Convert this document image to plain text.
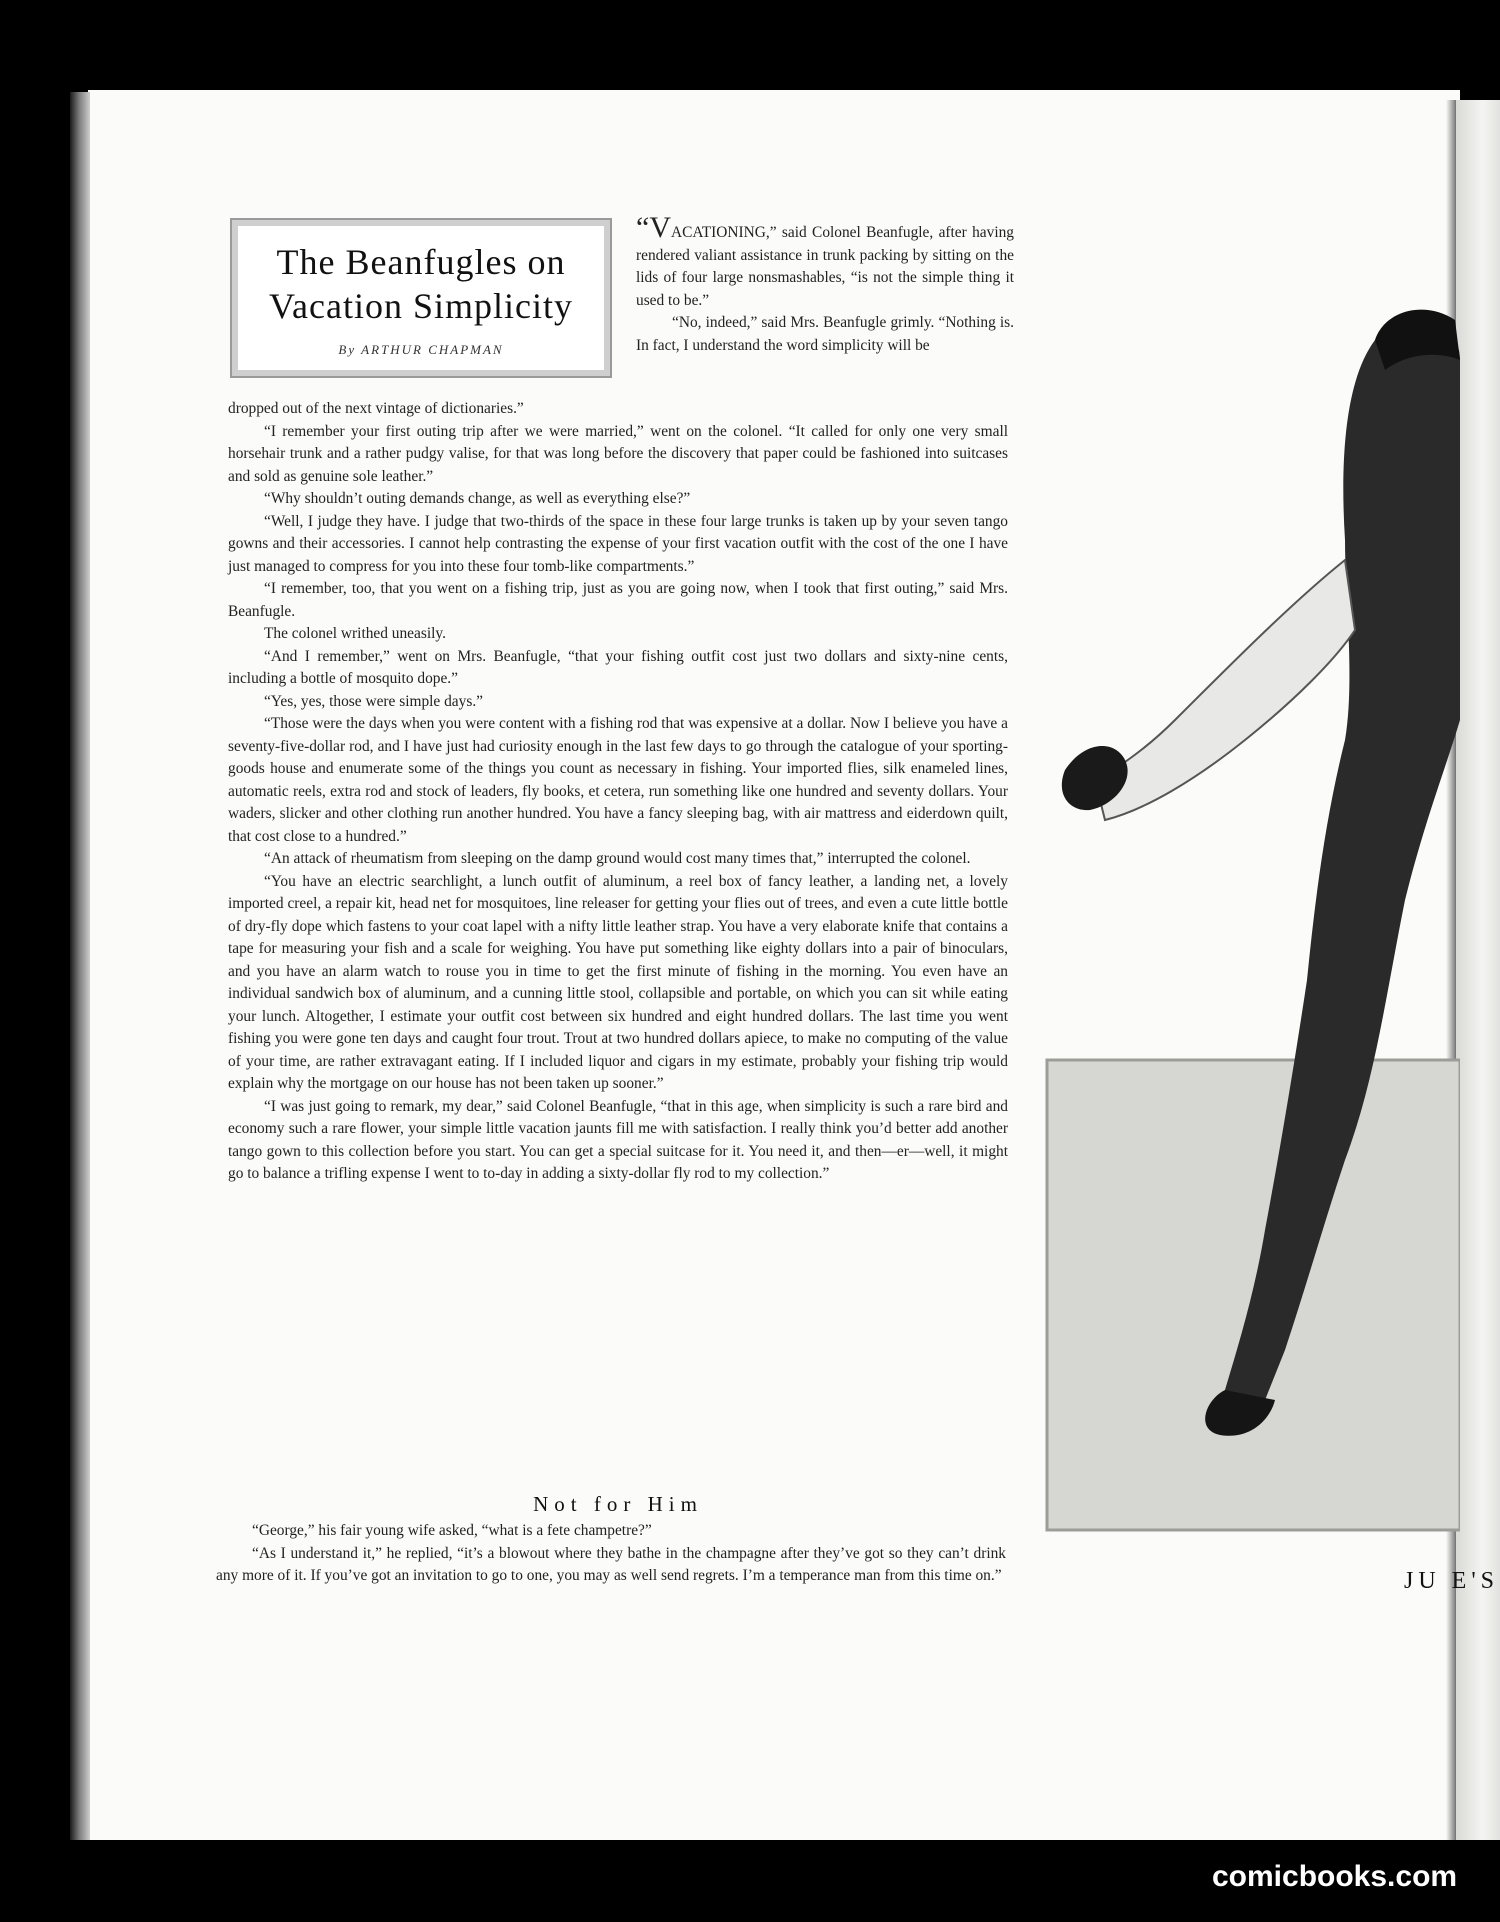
The Beanfugles on Vacation Simplicity
By ARTHUR CHAPMAN

“VACATIONING,” said Colonel Beanfugle, after having rendered valiant assistance in trunk packing by sitting on the lids of four large nonsmashables, “is not the simple thing it used to be.”

“No, indeed,” said Mrs. Beanfugle grimly. “Nothing is. In fact, I understand the word simplicity will be

dropped out of the next vintage of dictionaries.”

“I remember your first outing trip after we were married,” went on the colonel. “It called for only one very small horsehair trunk and a rather pudgy valise, for that was long before the discovery that paper could be fashioned into suitcases and sold as genuine sole leather.”

“Why shouldn’t outing demands change, as well as everything else?”

“Well, I judge they have. I judge that two-thirds of the space in these four large trunks is taken up by your seven tango gowns and their accessories. I cannot help contrasting the expense of your first vacation outfit with the cost of the one I have just managed to compress for you into these four tomb-like compartments.”

“I remember, too, that you went on a fishing trip, just as you are going now, when I took that first outing,” said Mrs. Beanfugle.

The colonel writhed uneasily.

“And I remember,” went on Mrs. Beanfugle, “that your fishing outfit cost just two dollars and sixty-nine cents, including a bottle of mosquito dope.”

“Yes, yes, those were simple days.”

“Those were the days when you were content with a fishing rod that was expensive at a dollar. Now I believe you have a seventy-five-dollar rod, and I have just had curiosity enough in the last few days to go through the catalogue of your sporting-goods house and enumerate some of the things you count as necessary in fishing. Your imported flies, silk enameled lines, automatic reels, extra rod and stock of leaders, fly books, et cetera, run something like one hundred and seventy dollars. Your waders, slicker and other clothing run another hundred. You have a fancy sleeping bag, with air mattress and eiderdown quilt, that cost close to a hundred.”

“An attack of rheumatism from sleeping on the damp ground would cost many times that,” interrupted the colonel.

“You have an electric searchlight, a lunch outfit of aluminum, a reel box of fancy leather, a landing net, a lovely imported creel, a repair kit, head net for mosquitoes, line releaser for getting your flies out of trees, and even a cute little bottle of dry-fly dope which fastens to your coat lapel with a nifty little leather strap. You have a very elaborate knife that contains a tape for measuring your fish and a scale for weighing. You have put something like eighty dollars into a pair of binoculars, and you have an alarm watch to rouse you in time to get the first minute of fishing in the morning. You even have an individual sandwich box of aluminum, and a cunning little stool, collapsible and portable, on which you can sit while eating your lunch. Altogether, I estimate your outfit cost between six hundred and eight hundred dollars. The last time you went fishing you were gone ten days and caught four trout. Trout at two hundred dollars apiece, to make no computing of the value of your time, are rather extravagant eating. If I included liquor and cigars in my estimate, probably your fishing trip would explain why the mortgage on our house has not been taken up sooner.”

“I was just going to remark, my dear,” said Colonel Beanfugle, “that in this age, when simplicity is such a rare bird and economy such a rare flower, your simple little vacation jaunts fill me with satisfaction. I really think you’d better add another tango gown to this collection before you start. You can get a special suitcase for it. You need it, and then—er—well, it might go to balance a trifling expense I went to to-day in adding a sixty-dollar fly rod to my collection.”

Not for Him

“George,” his fair young wife asked, “what is a fete champetre?”

“As I understand it,” he replied, “it’s a blowout where they bathe in the champagne after they’ve got so they can’t drink any more of it. If you’ve got an invitation to go to one, you may as well send regrets. I’m a temperance man from this time on.”	JU E'S
comicbooks.com
